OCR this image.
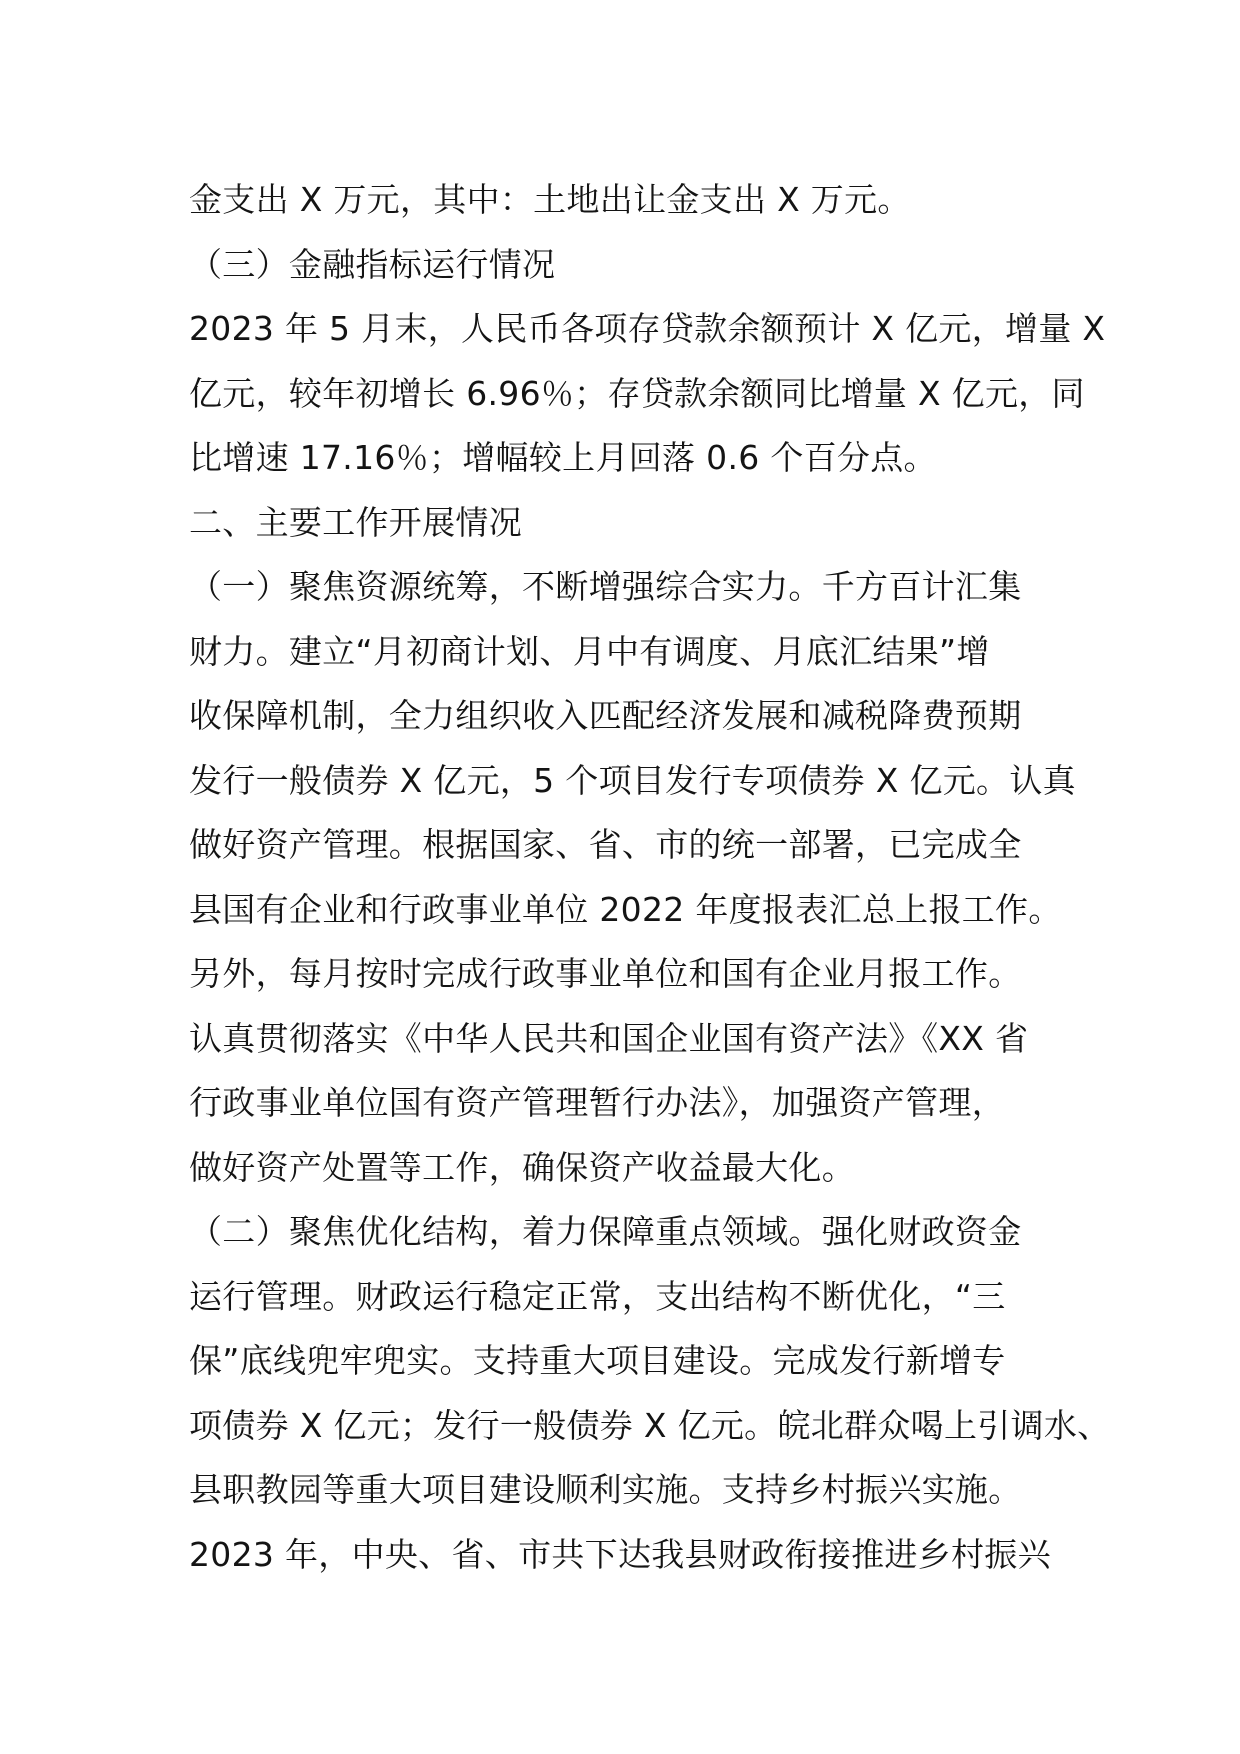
金支出 X 万元，其中：土地出让金支出 X 万元。
（三）金融指标运行情况
2023 年 5 月末，人民币各项存贷款余额预计 X 亿元，增量 X
亿元，较年初增长 6.96％；存贷款余额同比增量 X 亿元，同
比增速 17.16％；增幅较上月回落 0.6 个百分点。
二、主要工作开展情况
（一）聚焦资源统筹，不断增强综合实力。千方百计汇集
财力。建立“月初商计划、月中有调度、月底汇结果”增
收保障机制，全力组织收入匹配经济发展和减税降费预期
发行一般债券 X 亿元，5 个项目发行专项债券 X 亿元。认真
做好资产管理。根据国家、省、市的统一部署，已完成全
县国有企业和行政事业单位 2022 年度报表汇总上报工作。
另外，每月按时完成行政事业单位和国有企业月报工作。
认真贯彻落实《中华人民共和国企业国有资产法》《XX 省
行政事业单位国有资产管理暂行办法》，加强资产管理，
做好资产处置等工作，确保资产收益最大化。
（二）聚焦优化结构，着力保障重点领域。强化财政资金
运行管理。财政运行稳定正常，支出结构不断优化，“三
保”底线兜牢兜实。支持重大项目建设。完成发行新增专
项债券 X 亿元；发行一般债券 X 亿元。皖北群众喝上引调水、
县职教园等重大项目建设顺利实施。支持乡村振兴实施。
2023 年，中央、省、市共下达我县财政衔接推进乡村振兴
